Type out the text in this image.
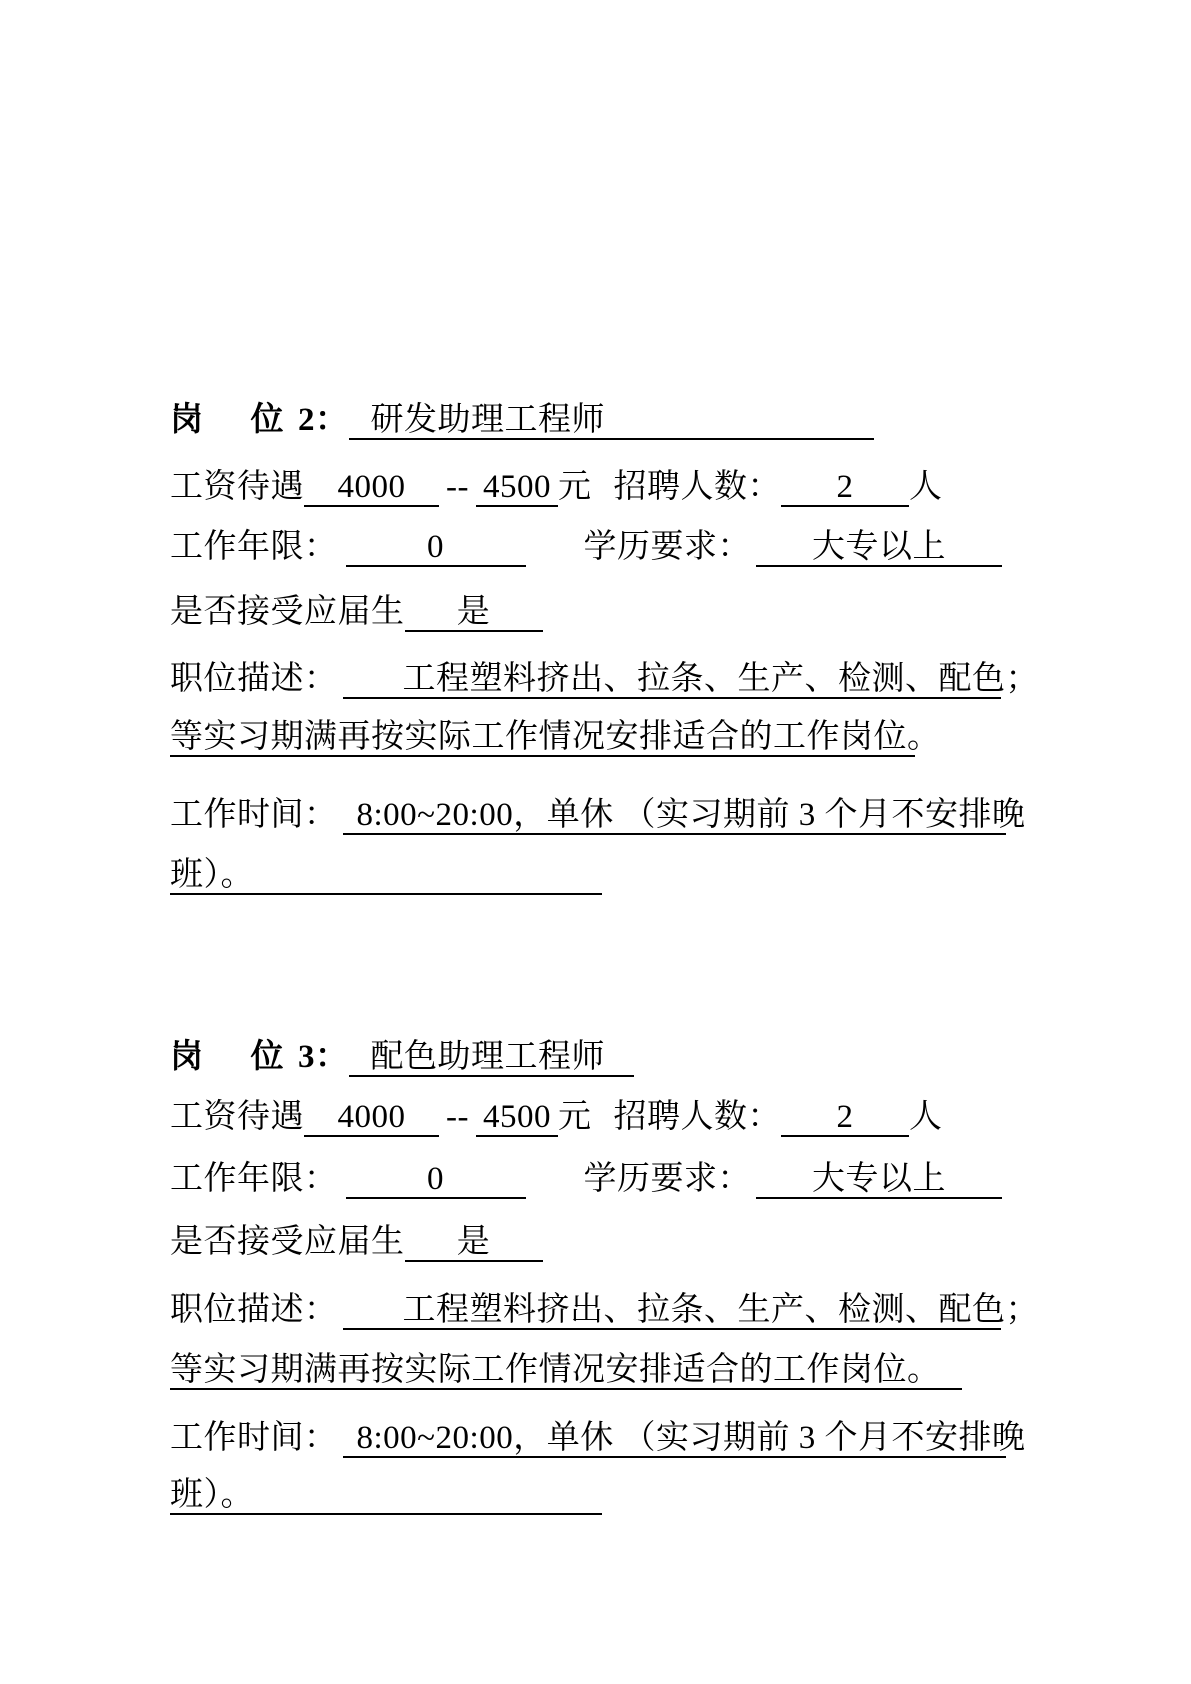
岗 位 2： 研发助理工程师
工资待遇 4000 -- 4500 元 招聘人数： 2 人
工作年限：	0	学历要求： 大专以上
是否接受应届生 是
职位描述： 工程塑料挤出、拉条、生产、检测、配色；
等实习期满再按实际工作情况安排适合的工作岗位。
工作时间： 8:00~20:00，单休 （实习期前 3 个月不安排晚
班）。
岗 位 3： 配色助理工程师
工资待遇 4000 -- 4500 元 招聘人数： 2 人
工作年限：	0	学历要求： 大专以上
是否接受应届生 是
职位描述： 工程塑料挤出、拉条、生产、检测、配色；
等实习期满再按实际工作情况安排适合的工作岗位。
工作时间： 8:00~20:00，单休 （实习期前 3 个月不安排晚
班）。
